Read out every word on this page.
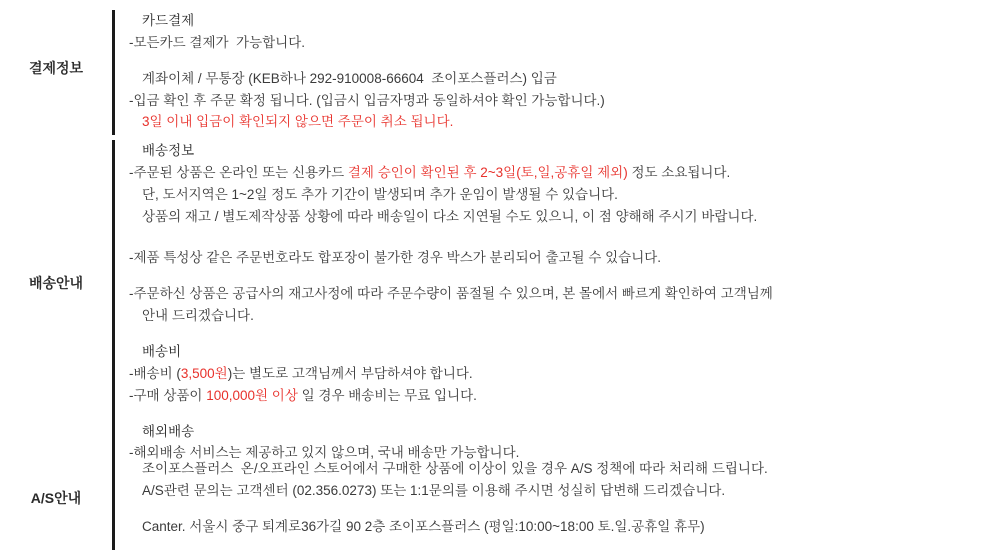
결제정보
카드결제
-모든카드 결제가  가능합니다.
계좌이체 / 무통장 (KEB하나 292-910008-66604  조이포스플러스) 입금
-입금 확인 후 주문 확정 됩니다. (입금시 입금자명과 동일하셔야 확인 가능합니다.)
3일 이내 입금이 확인되지 않으면 주문이 취소 됩니다.
배송안내
배송정보
-주문된 상품은 온라인 또는 신용카드 결제 승인이 확인된 후 2~3일(토,일,공휴일 제외) 정도 소요됩니다.
단, 도서지역은 1~2일 정도 추가 기간이 발생되며 추가 운임이 발생될 수 있습니다.
상품의 재고 / 별도제작상품 상황에 따라 배송일이 다소 지연될 수도 있으니, 이 점 양해해 주시기 바랍니다.
-제품 특성상 같은 주문번호라도 합포장이 불가한 경우 박스가 분리되어 출고될 수 있습니다.
-주문하신 상품은 공급사의 재고사정에 따라 주문수량이 품절될 수 있으며, 본 몰에서 빠르게 확인하여 고객님께
안내 드리겠습니다.
배송비
-배송비 (3,500원)는 별도로 고객님께서 부담하셔야 합니다.
-구매 상품이 100,000원 이상 일 경우 배송비는 무료 입니다.
해외배송
-해외배송 서비스는 제공하고 있지 않으며, 국내 배송만 가능합니다.
A/S안내
조이포스플러스  온/오프라인 스토어에서 구매한 상품에 이상이 있을 경우 A/S 정책에 따라 처리해 드립니다.
A/S관련 문의는 고객센터 (02.356.0273) 또는 1:1문의를 이용해 주시면 성실히 답변해 드리겠습니다.
Canter. 서울시 중구 퇴계로36가길 90 2층 조이포스플러스 (평일:10:00~18:00 토.일.공휴일 휴무)
